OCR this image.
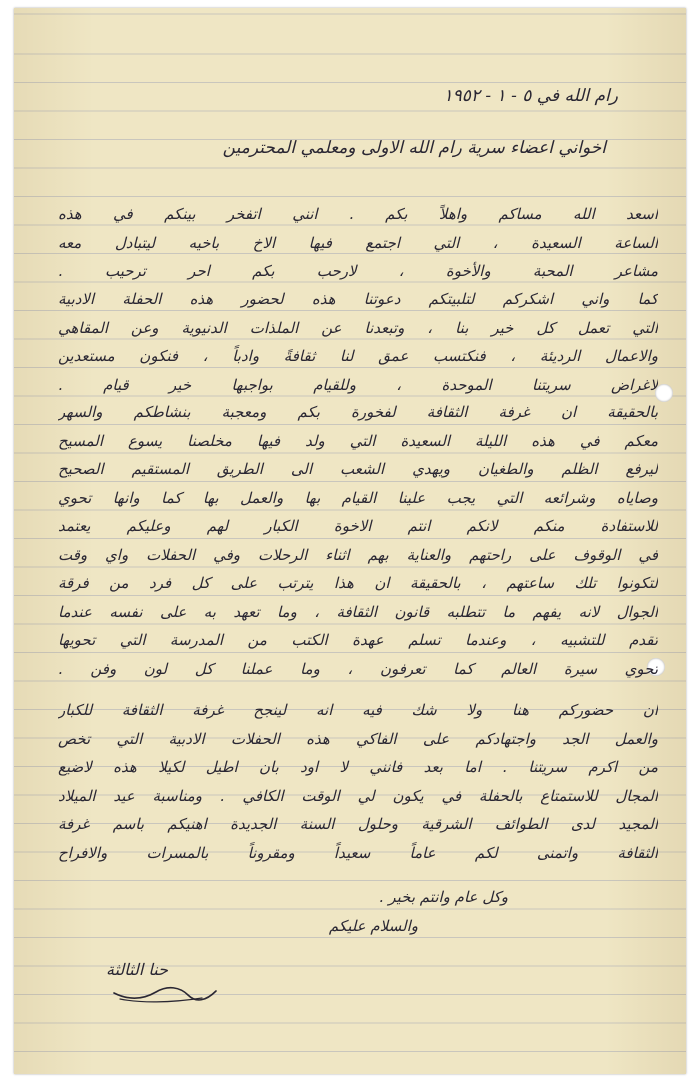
رام الله في ٥ - ١ - ١٩٥٢
اخواني اعضاء سرية رام الله الاولى ومعلمي المحترمين
اسعد الله مساكم واهلاً بكم . انني اتفخر بينكم في هذه
الساعة السعيدة ، التي اجتمع فيها الاخ باخيه ليتبادل معه
مشاعر المحبة والأخوة ، لارحب بكم احر ترحيب .
كما واني اشكركم لتلبيتكم دعوتنا هذه لحضور هذه الحفلة الادبية
التي تعمل كل خير بنا ، وتبعدنا عن الملذات الدنيوية وعن المقاهي
والاعمال الرديئة ، فنكتسب عمق لنا ثقافةً وادباً ، فنكون مستعدين
لاغراض سريتنا الموحدة ، وللقيام بواجبها خير قيام .
بالحقيقة ان غرفة الثقافة لفخورة بكم ومعجبة بنشاطكم والسهر
معكم في هذه الليلة السعيدة التي ولد فيها مخلصنا يسوع المسيح
ليرفع الظلم والطغيان ويهدي الشعب الى الطريق المستقيم الصحيح
وصاياه وشرائعه التي يجب علينا القيام بها والعمل بها كما وانها تحوي
للاستفادة منكم لانكم انتم الاخوة الكبار لهم وعليكم يعتمد
في الوقوف على راحتهم والعناية بهم اثناء الرحلات وفي الحفلات واي وقت
لتكونوا تلك ساعتهم ، بالحقيقة ان هذا يترتب على كل فرد من فرقة
الجوال لانه يفهم ما تتطلبه قانون الثقافة ، وما تعهد به على نفسه عندما
تقدم للتشبيه ، وعندما تسلم عهدة الكتب من المدرسة التي تحويها
تحوي سيرة العالم كما تعرفون ، وما عملنا كل لون وفن .
ان حضوركم هنا ولا شك فيه انه لينجح غرفة الثقافة للكبار
والعمل الجد واجتهادكم على الفاكي هذه الحفلات الادبية التي تخص
من اكرم سريتنا . اما بعد فانني لا اود بان اطيل لكيلا هذه لاضيع
المجال للاستمتاع بالحفلة في يكون لي الوقت الكافي . ومناسبة عيد الميلاد
المجيد لدى الطوائف الشرقية وحلول السنة الجديدة اهنيكم باسم غرفة
الثقافة واتمنى لكم عاماً سعيداً ومقروناً بالمسرات والافراح
وكل عام وانتم بخير .
والسلام عليكم
حنا الثالثة
